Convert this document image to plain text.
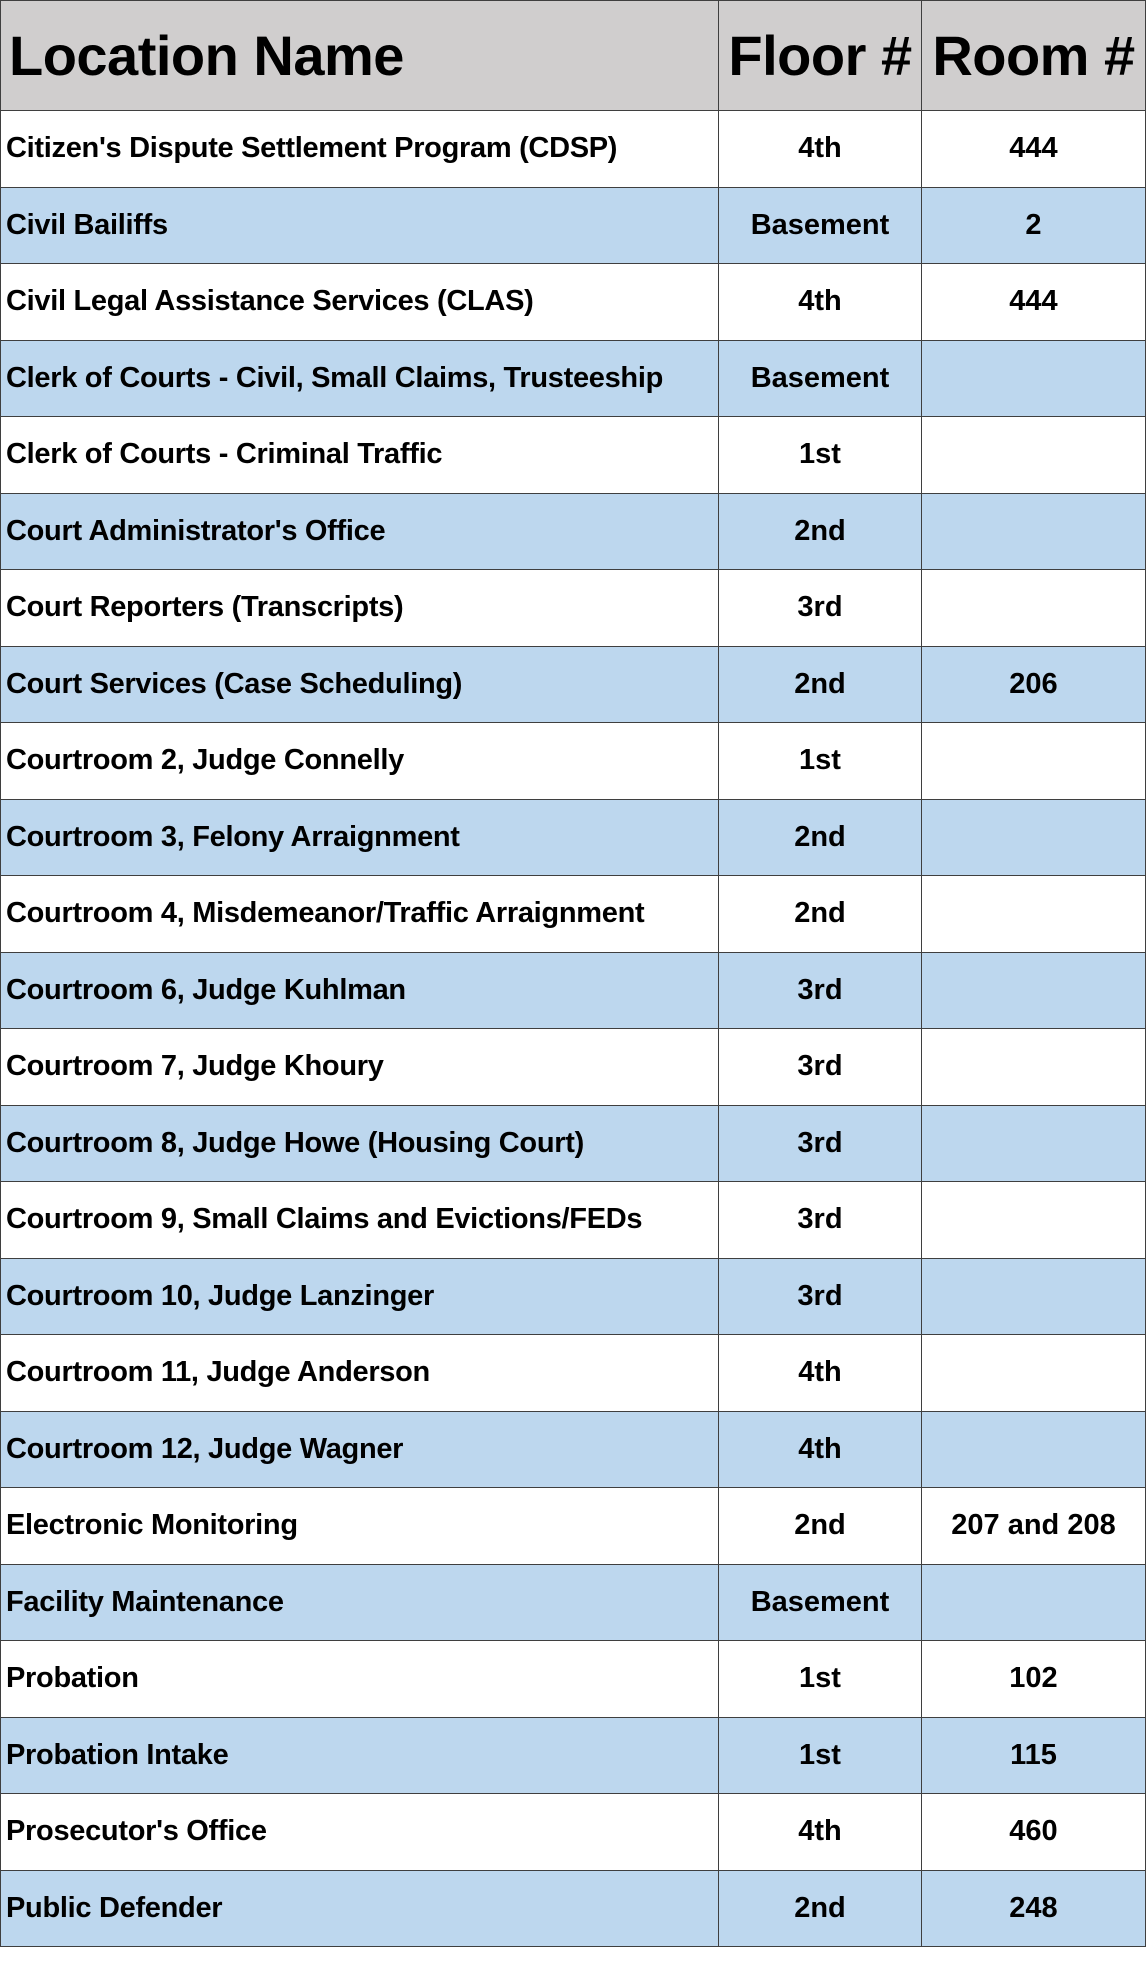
Location Name	Floor #	Room #
Citizen's Dispute Settlement Program (CDSP)	4th	444
Civil Bailiffs	Basement	2
Civil Legal Assistance Services (CLAS)	4th	444
Clerk of Courts - Civil, Small Claims, Trusteeship	Basement	
Clerk of Courts - Criminal Traffic	1st	
Court Administrator's Office	2nd	
Court Reporters (Transcripts)	3rd	
Court Services (Case Scheduling)	2nd	206
Courtroom 2, Judge Connelly	1st	
Courtroom 3, Felony Arraignment	2nd	
Courtroom 4, Misdemeanor/Traffic Arraignment	2nd	
Courtroom 6, Judge Kuhlman	3rd	
Courtroom 7, Judge Khoury	3rd	
Courtroom 8, Judge Howe (Housing Court)	3rd	
Courtroom 9, Small Claims and Evictions/FEDs	3rd	
Courtroom 10, Judge Lanzinger	3rd	
Courtroom 11, Judge Anderson	4th	
Courtroom 12, Judge Wagner	4th	
Electronic Monitoring	2nd	207 and 208
Facility Maintenance	Basement	
Probation	1st	102
Probation Intake	1st	115
Prosecutor's Office	4th	460
Public Defender	2nd	248
